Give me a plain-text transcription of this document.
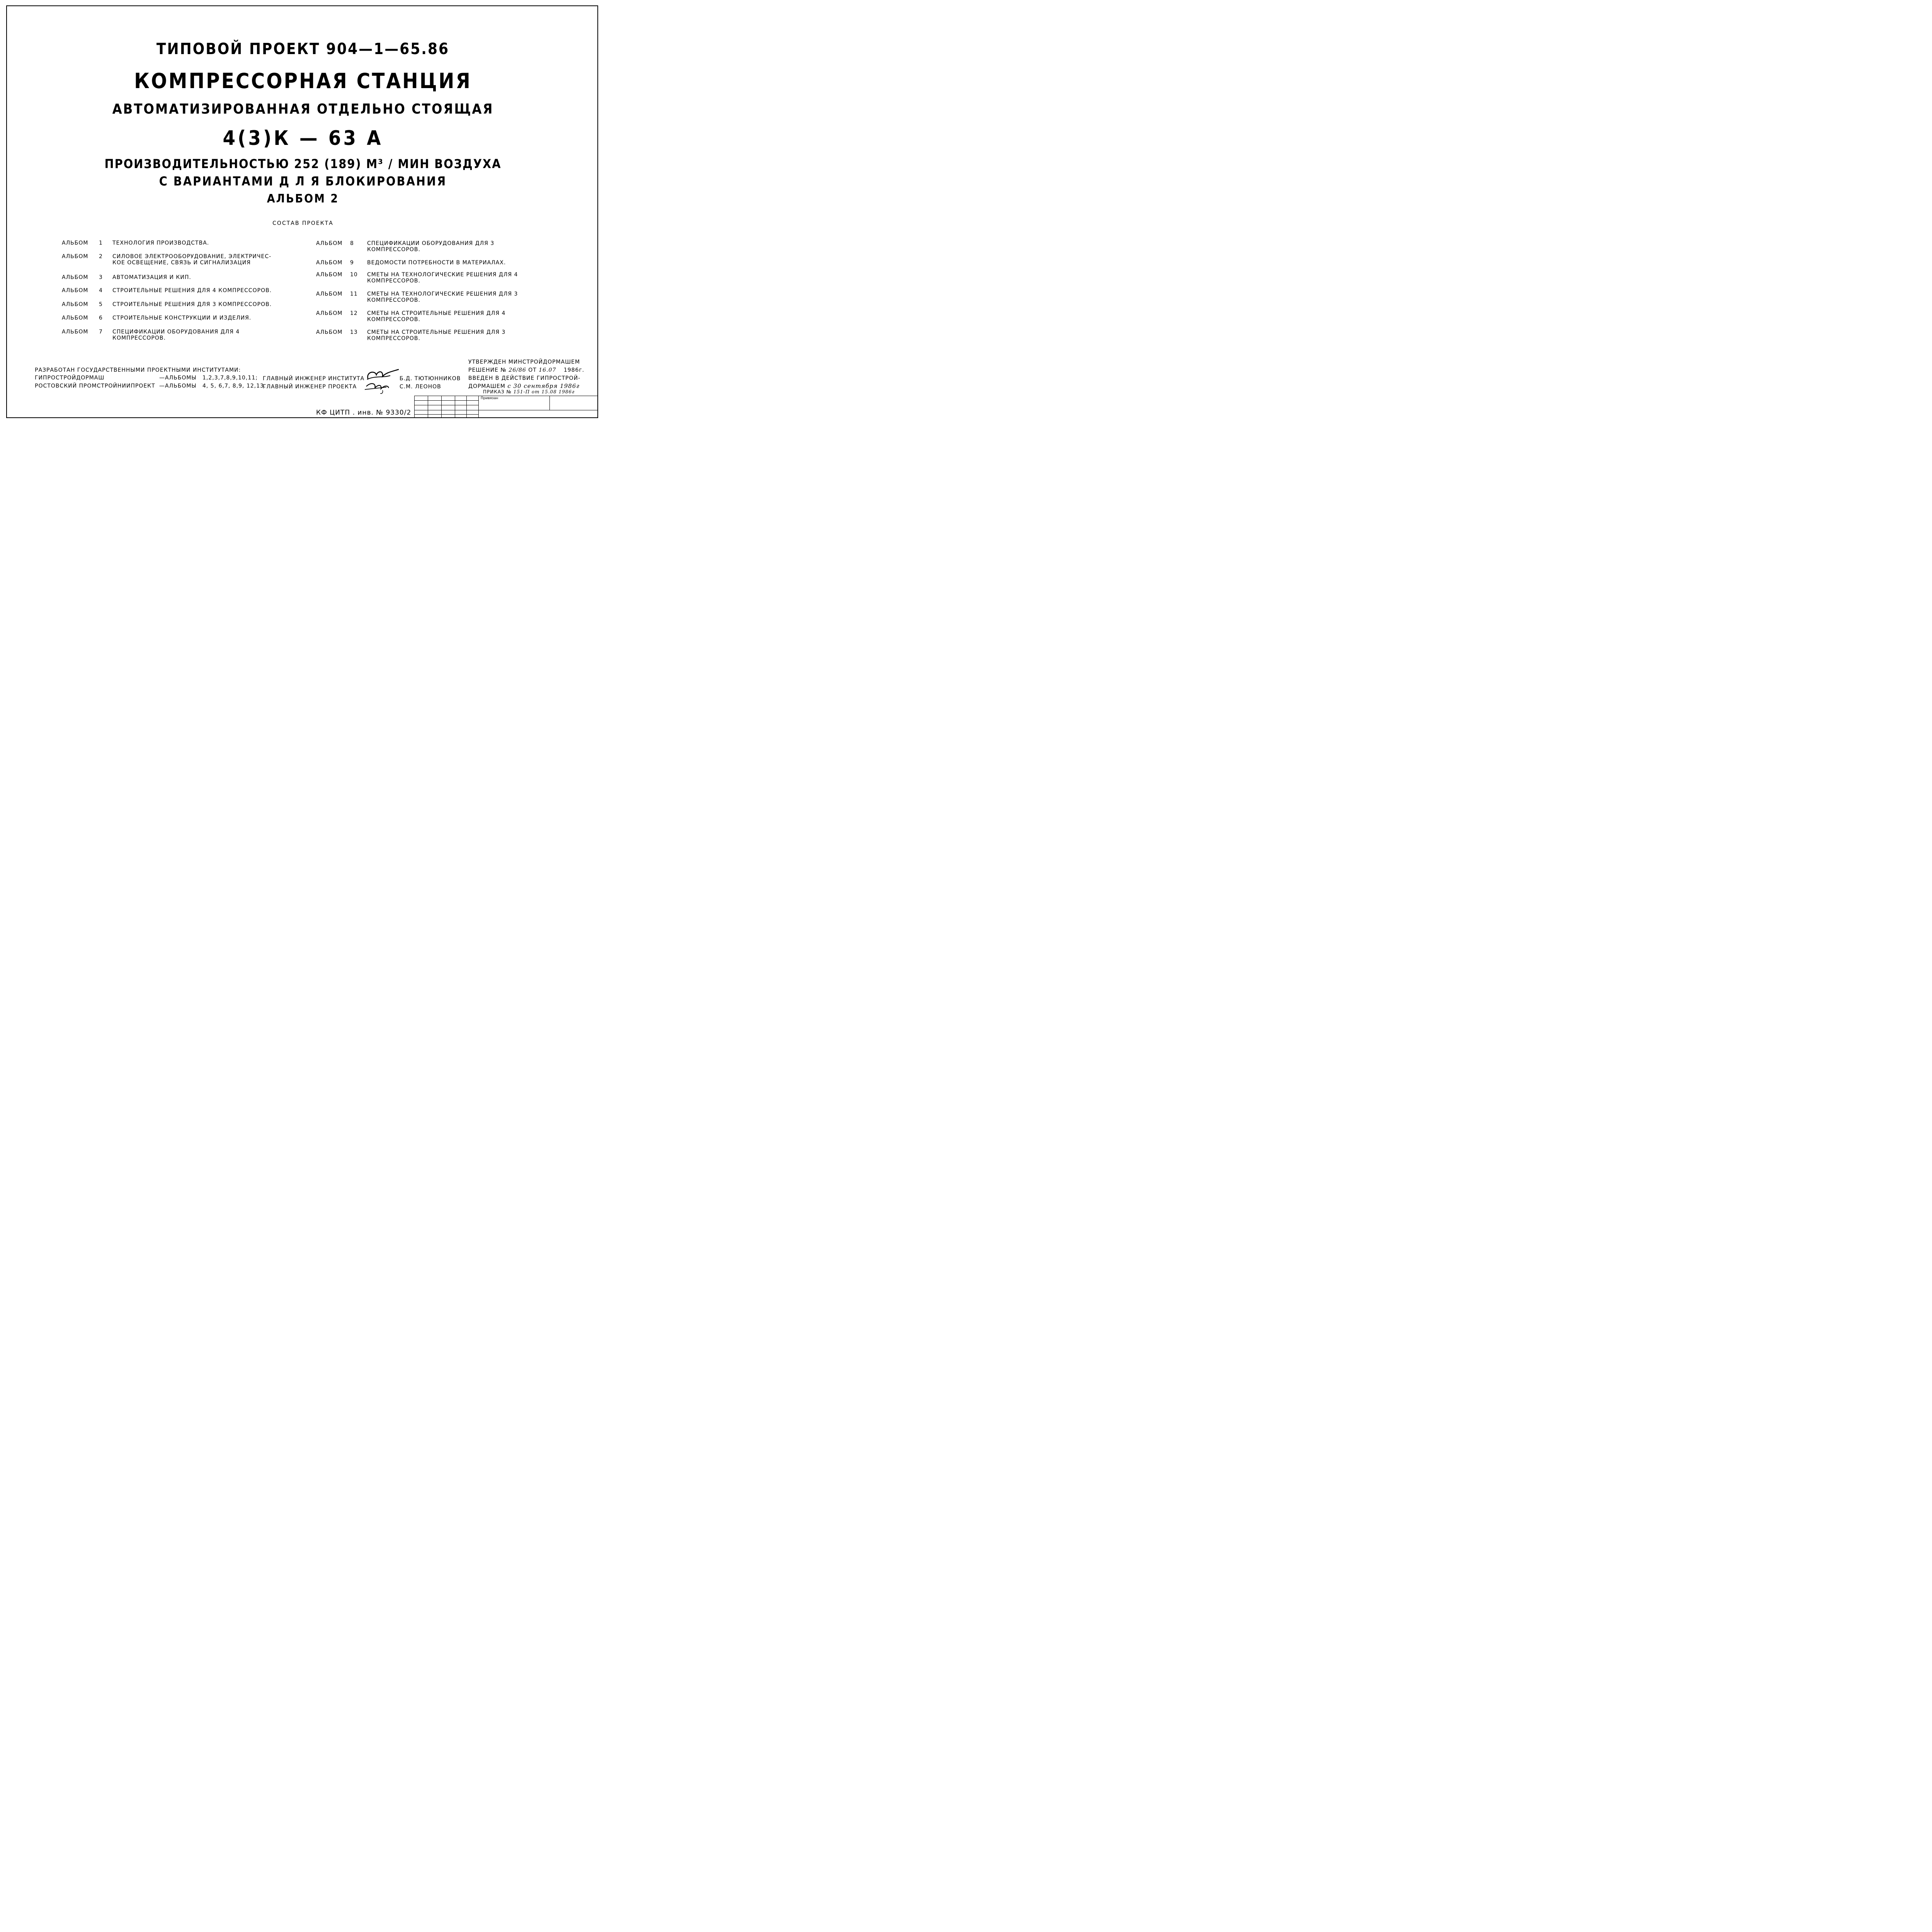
ТИПОВОЙ ПРОЕКТ 904—1—65.86
КОМПРЕССОРНАЯ СТАНЦИЯ
АВТОМАТИЗИРОВАННАЯ ОТДЕЛЬНО СТОЯЩАЯ
4(3)К — 63 А
ПРОИЗВОДИТЕЛЬНОСТЬЮ 252 (189) М³ / МИН ВОЗДУХА
С ВАРИАНТАМИ Д Л Я БЛОКИРОВАНИЯ
АЛЬБОМ 2
СОСТАВ ПРОЕКТА
АЛЬБОМ 1 ТЕХНОЛОГИЯ ПРОИЗВОДСТВА.
АЛЬБОМ 2 СИЛОВОЕ ЭЛЕКТРООБОРУДОВАНИЕ, ЭЛЕКТРИЧЕС-
КОЕ ОСВЕЩЕНИЕ, СВЯЗЬ И СИГНАЛИЗАЦИЯ
АЛЬБОМ 3 АВТОМАТИЗАЦИЯ И КИП.
АЛЬБОМ 4 СТРОИТЕЛЬНЫЕ РЕШЕНИЯ ДЛЯ 4 КОМПРЕССОРОВ.
АЛЬБОМ 5 СТРОИТЕЛЬНЫЕ РЕШЕНИЯ ДЛЯ 3 КОМПРЕССОРОВ.
АЛЬБОМ 6 СТРОИТЕЛЬНЫЕ КОНСТРУКЦИИ И ИЗДЕЛИЯ.
АЛЬБОМ 7 СПЕЦИФИКАЦИИ ОБОРУДОВАНИЯ ДЛЯ 4
КОМПРЕССОРОВ.
АЛЬБОМ 8 СПЕЦИФИКАЦИИ ОБОРУДОВАНИЯ ДЛЯ 3
КОМПРЕССОРОВ.
АЛЬБОМ 9 ВЕДОМОСТИ ПОТРЕБНОСТИ В МАТЕРИАЛАХ.
АЛЬБОМ 10 СМЕТЫ НА ТЕХНОЛОГИЧЕСКИЕ РЕШЕНИЯ ДЛЯ 4
КОМПРЕССОРОВ.
АЛЬБОМ 11 СМЕТЫ НА ТЕХНОЛОГИЧЕСКИЕ РЕШЕНИЯ ДЛЯ 3
КОМПРЕССОРОВ.
АЛЬБОМ 12 СМЕТЫ НА СТРОИТЕЛЬНЫЕ РЕШЕНИЯ ДЛЯ 4
КОМПРЕССОРОВ.
АЛЬБОМ 13 СМЕТЫ НА СТРОИТЕЛЬНЫЕ РЕШЕНИЯ ДЛЯ 3
КОМПРЕССОРОВ.
РАЗРАБОТАН ГОСУДАРСТВЕННЫМИ ПРОЕКТНЫМИ ИНСТИТУТАМИ:
ГИПРОСТРОЙДОРМАШ	—АЛЬБОМЫ 1,2,3,7,8,9,10,11;
РОСТОВСКИЙ ПРОМСТРОЙНИИПРОЕКТ —АЛЬБОМЫ 4, 5, 6,7, 8,9, 12,13.
ГЛАВНЫЙ ИНЖЕНЕР ИНСТИТУТА	Б.Д. ТЮТЮННИКОВ
ГЛАВНЫЙ ИНЖЕНЕР ПРОЕКТА	С.М. ЛЕОНОВ
УТВЕРЖДЕН МИНСТРОЙДОРМАШЕМ
РЕШЕНИЕ № 26/86 ОТ 16.07 1986г.
ВВЕДЕН В ДЕЙСТВИЕ ГИПРОСТРОЙ-
ДОРМАШЕМ с 30 сентября 1986г
ПРИКАЗ № 151-П от 15.08 1986г
Привязан
КФ ЦИТП . инв. № 9330/2
